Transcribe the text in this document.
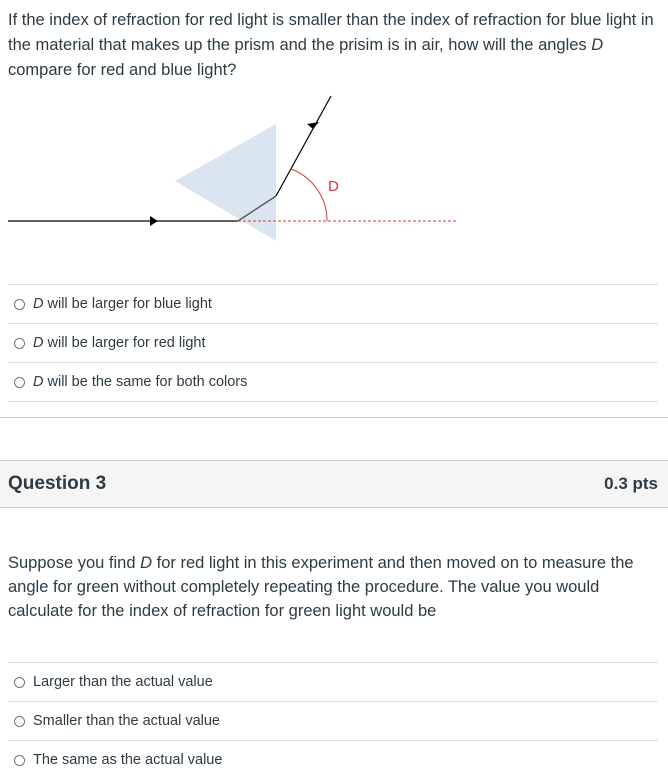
If the index of refraction for red light is smaller than the index of refraction for blue light in the material that makes up the prism and the prisim is in air, how will the angles D compare for red and blue light?
D
D will be larger for blue light
D will be larger for red light
D will be the same for both colors
Question 3	0.3 pts
Suppose you find D for red light in this experiment and then moved on to measure the angle for green without completely repeating the procedure. The value you would calculate for the index of refraction for green light would be
Larger than the actual value
Smaller than the actual value
The same as the actual value
